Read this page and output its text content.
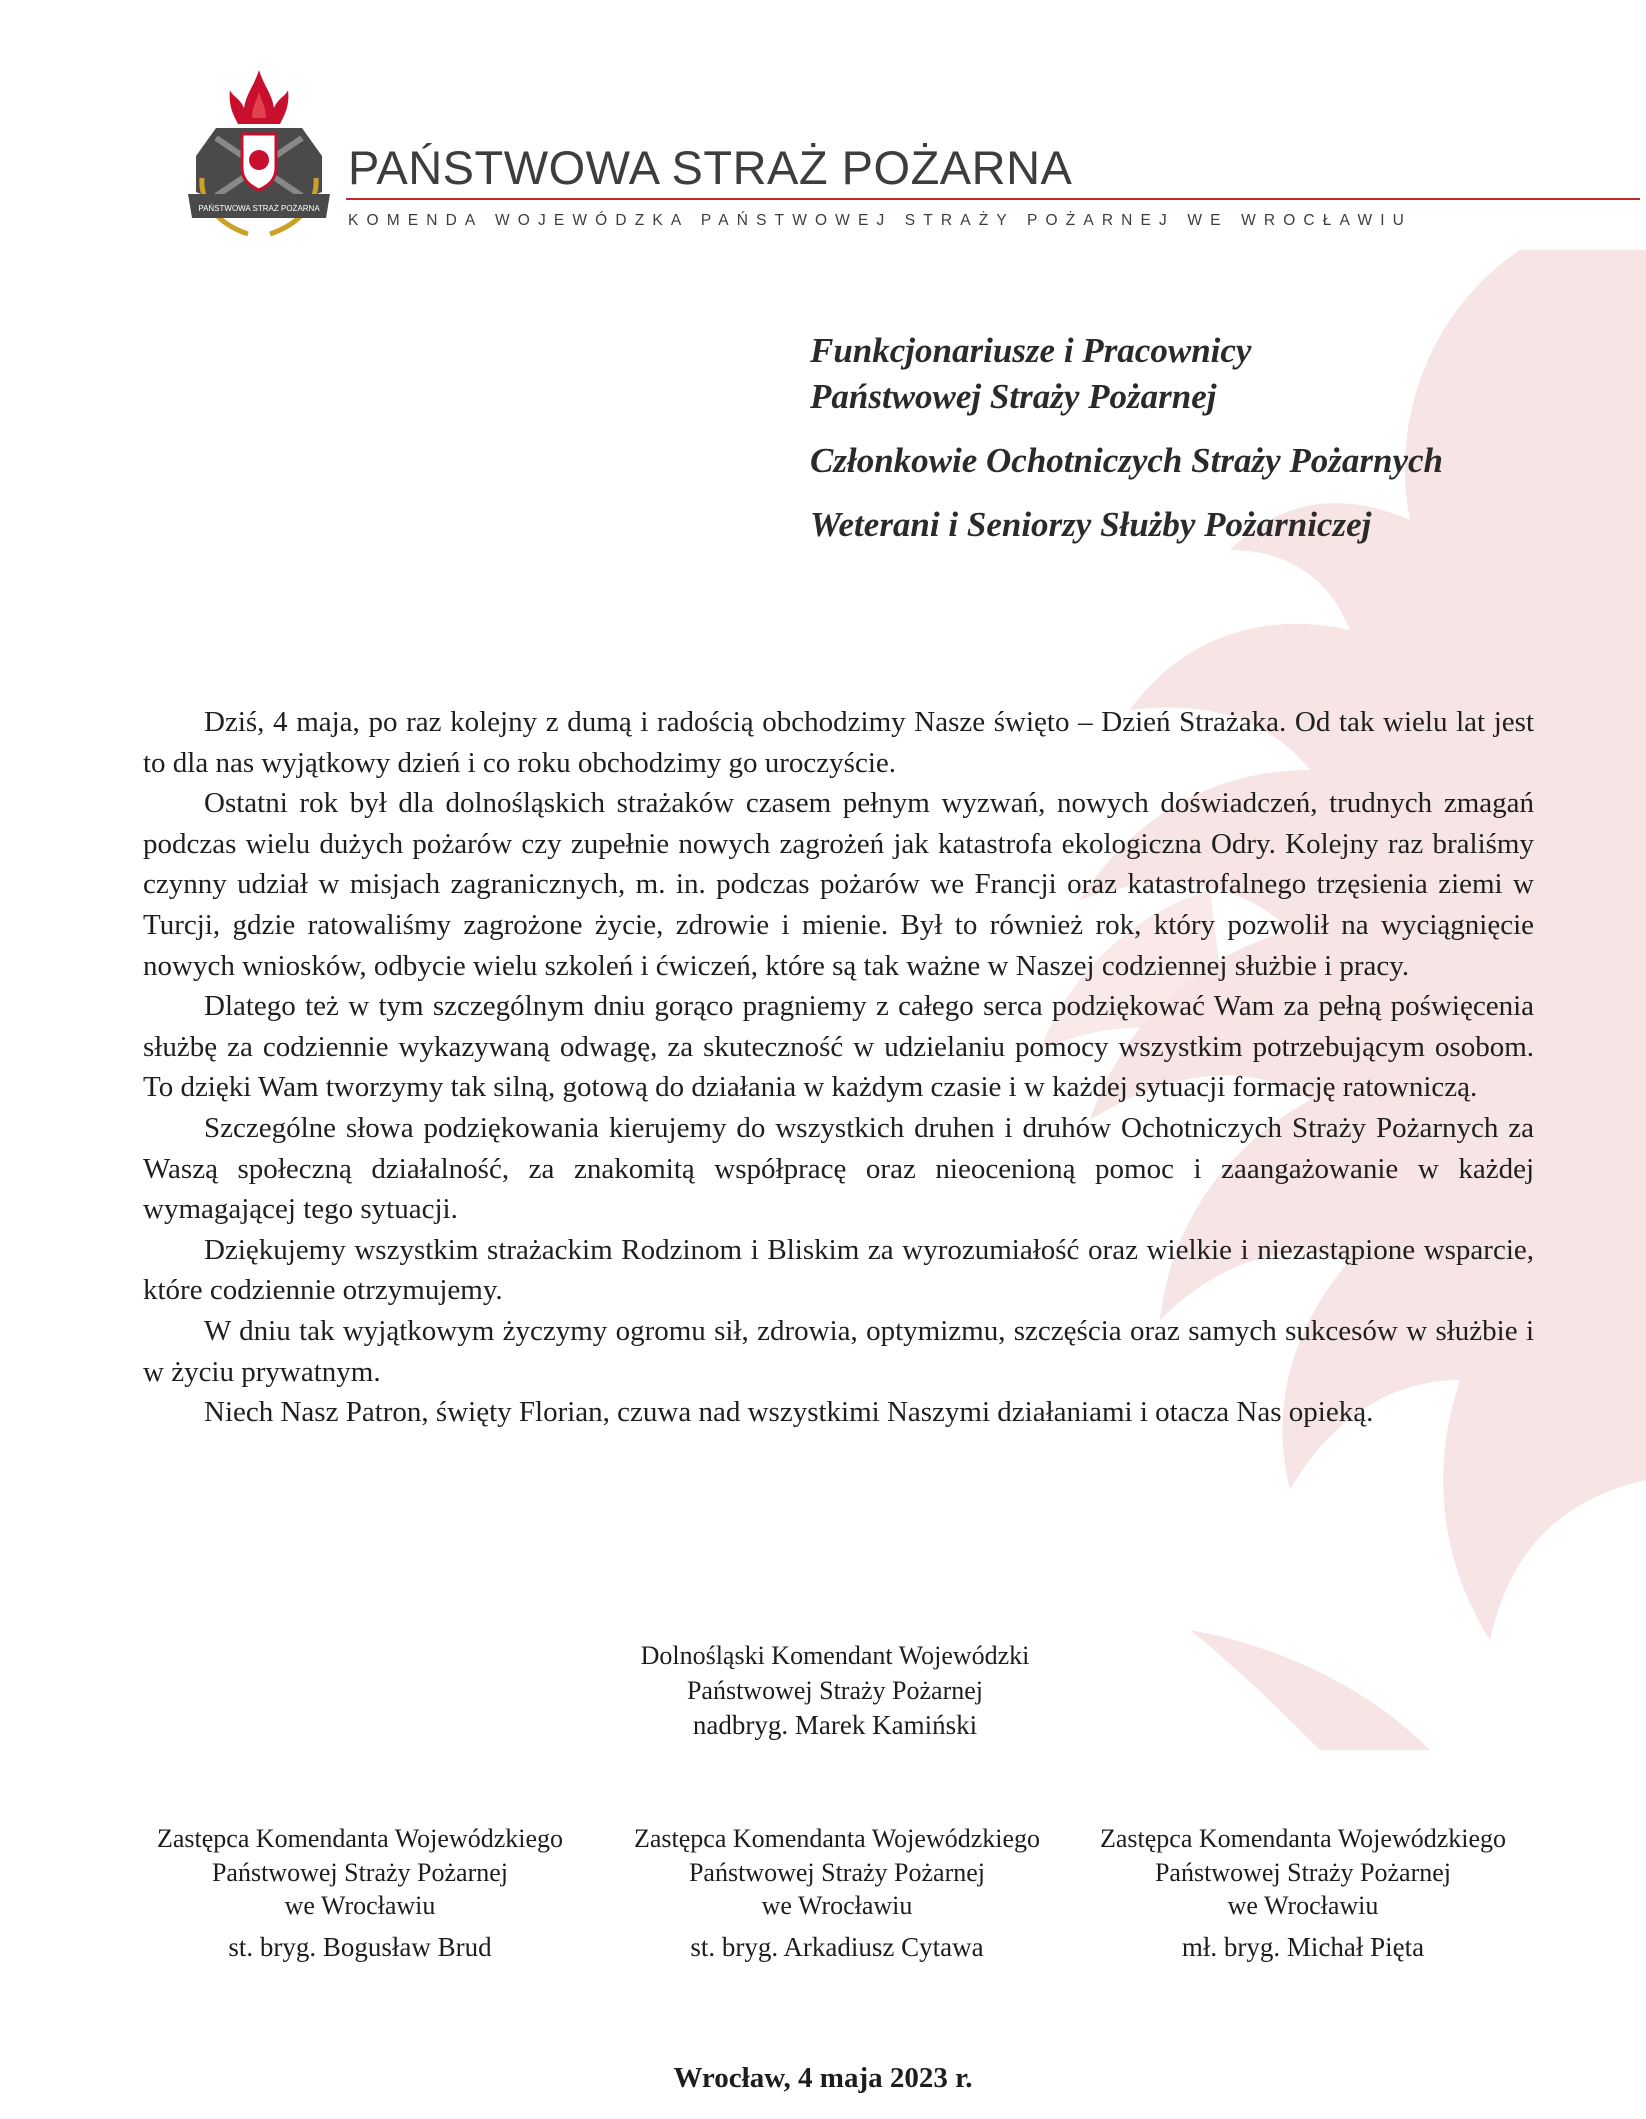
PAŃSTWOWA STRAŻ POŻARNA
PAŃSTWOWA STRAŻ POŻARNA
KOMENDA WOJEWÓDZKA PAŃSTWOWEJ STRAŻY POŻARNEJ WE WROCŁAWIU

Funkcjonariusze i Pracownicy

Państwowej Straży Pożarnej

Członkowie Ochotniczych Straży Pożarnych

Weterani i Seniorzy Służby Pożarniczej

Dziś, 4 maja, po raz kolejny z dumą i radością obchodzimy Nasze święto – Dzień Strażaka. Od tak wielu lat jest to dla nas wyjątkowy dzień i co roku obchodzimy go uroczyście.

Ostatni rok był dla dolnośląskich strażaków czasem pełnym wyzwań, nowych doświadczeń, trudnych zmagań podczas wielu dużych pożarów czy zupełnie nowych zagrożeń jak katastrofa ekologiczna Odry. Kolejny raz braliśmy czynny udział w misjach zagranicznych, m. in. podczas pożarów we Francji oraz katastrofalnego trzęsienia ziemi w Turcji, gdzie ratowaliśmy zagrożone życie, zdrowie i mienie. Był to również rok, który pozwolił na wyciągnięcie nowych wniosków, odbycie wielu szkoleń i ćwiczeń, które są tak ważne w Naszej codziennej służbie i pracy.

Dlatego też w tym szczególnym dniu gorąco pragniemy z całego serca podziękować Wam za pełną poświęcenia służbę za codziennie wykazywaną odwagę, za skuteczność w udzielaniu pomocy wszystkim potrzebującym osobom. To dzięki Wam tworzymy tak silną, gotową do działania w każdym czasie i w każdej sytuacji formację ratowniczą.

Szczególne słowa podziękowania kierujemy do wszystkich druhen i druhów Ochotniczych Straży Pożarnych za Waszą społeczną działalność, za znakomitą współpracę oraz nieocenioną pomoc i zaangażowanie w każdej wymagającej tego sytuacji.

Dziękujemy wszystkim strażackim Rodzinom i Bliskim za wyrozumiałość oraz wielkie i niezastąpione wsparcie, które codziennie otrzymujemy.

W dniu tak wyjątkowym życzymy ogromu sił, zdrowia, optymizmu, szczęścia oraz samych sukcesów w służbie i w życiu prywatnym.

Niech Nasz Patron, święty Florian, czuwa nad wszystkimi Naszymi działaniami i otacza Nas opieką.

Dolnośląski Komendant Wojewódzki
Państwowej Straży Pożarnej
nadbryg. Marek Kamiński
Zastępca Komendanta Wojewódzkiego
Państwowej Straży Pożarnej
we Wrocławiu
st. bryg. Bogusław Brud
Zastępca Komendanta Wojewódzkiego
Państwowej Straży Pożarnej
we Wrocławiu
st. bryg. Arkadiusz Cytawa
Zastępca Komendanta Wojewódzkiego
Państwowej Straży Pożarnej
we Wrocławiu
mł. bryg. Michał Pięta
Wrocław, 4 maja 2023 r.
